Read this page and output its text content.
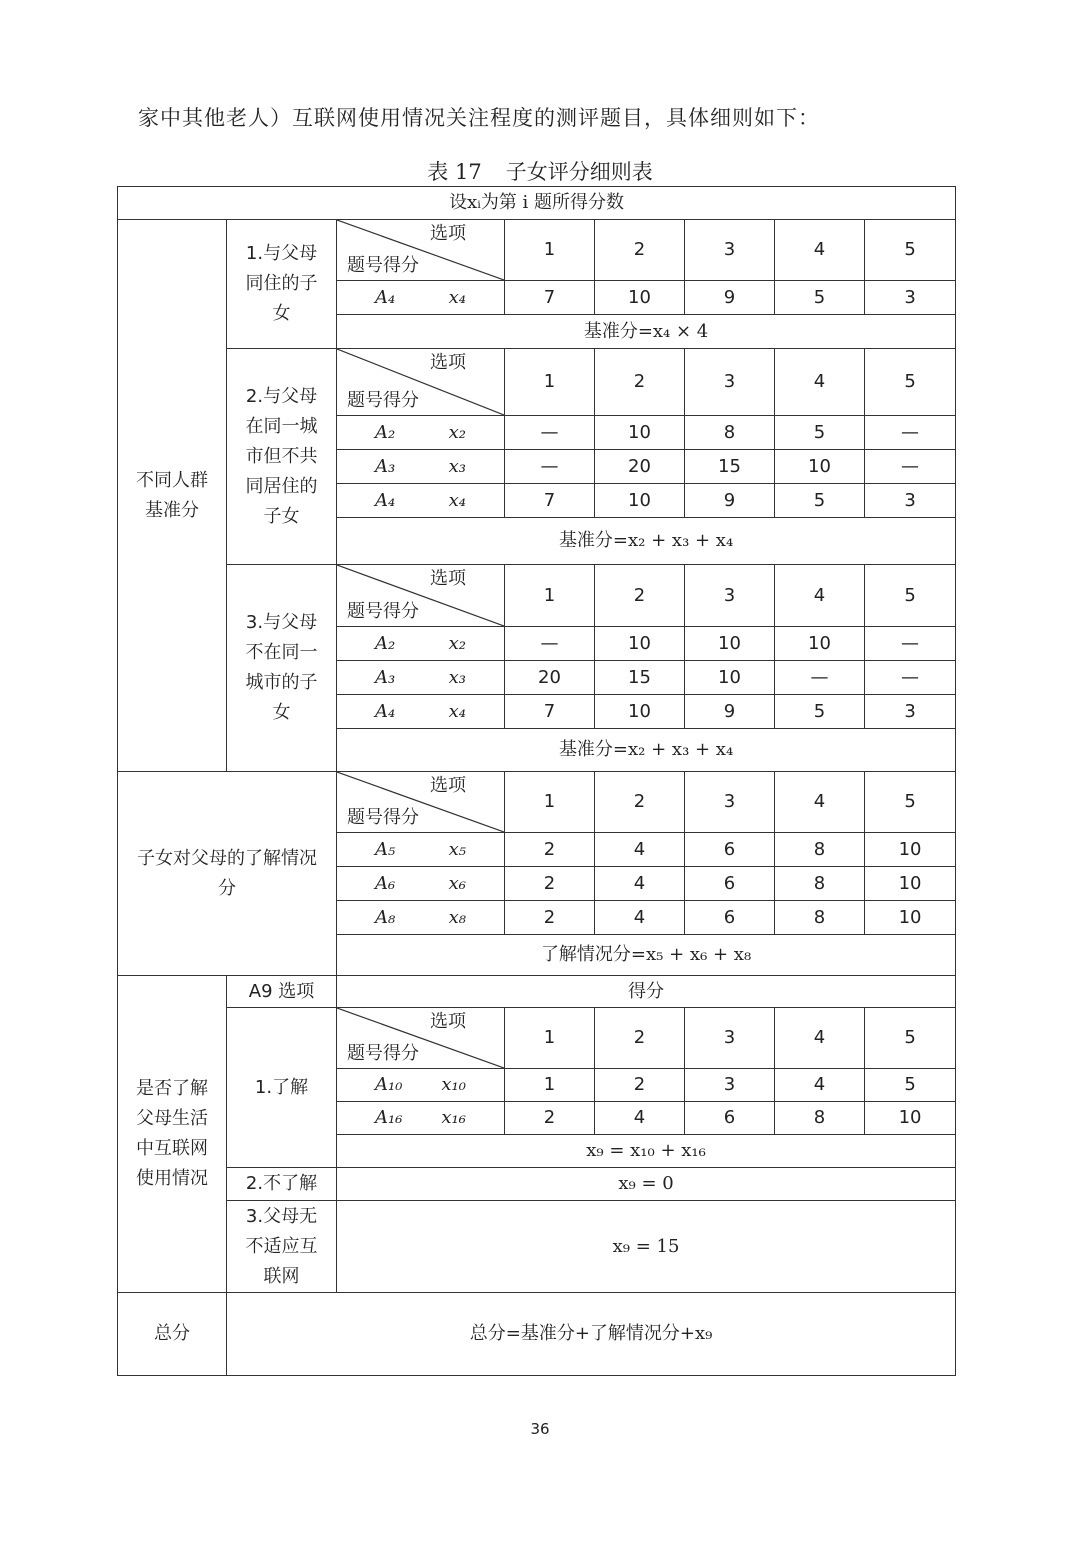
家中其他老人）互联网使用情况关注程度的测评题目，具体细则如下：
表 17 子女评分细则表
设xᵢ为第 i 题所得分数							
不同人群基准分	1.与父母同住的子女	选项
题号得分	1	2	3	4	5

		A₄ x₄	7	10	9	5	3
		基准分=x₄ × 4					
	2.与父母在同一城市但不共同居住的子女	选项
题号得分	1	2	3	4	5

		A₂ x₂	—	10	8	5	—

		A₃ x₃	—	20	15	10	—

		A₄ x₄	7	10	9	5	3
		基准分=x₂ + x₃ + x₄					
	3.与父母不在同一城市的子女	选项
题号得分	1	2	3	4	5

		A₂ x₂	—	10	10	10	—

		A₃ x₃	20	15	10	—	—

		A₄ x₄	7	10	9	5	3
		基准分=x₂ + x₃ + x₄					
子女对父母的了解情况分		选项
题号得分	1	2	3	4	5

		A₅ x₅	2	4	6	8	10

		A₆ x₆	2	4	6	8	10

		A₈ x₈	2	4	6	8	10
		了解情况分=x₅ + x₆ + x₈					
是否了解父母生活中互联网使用情况	A9 选项	得分					
	1.了解	选项
题号得分	1	2	3	4	5

		A₁₀ x₁₀	1	2	3	4	5

		A₁₆ x₁₆	2	4	6	8	10
		x₉ = x₁₀ + x₁₆					
	2.不了解	x₉ = 0					
	3.父母无不适应互联网	x₉ = 15					
总分	总分=基准分+了解情况分+x₉						
36
